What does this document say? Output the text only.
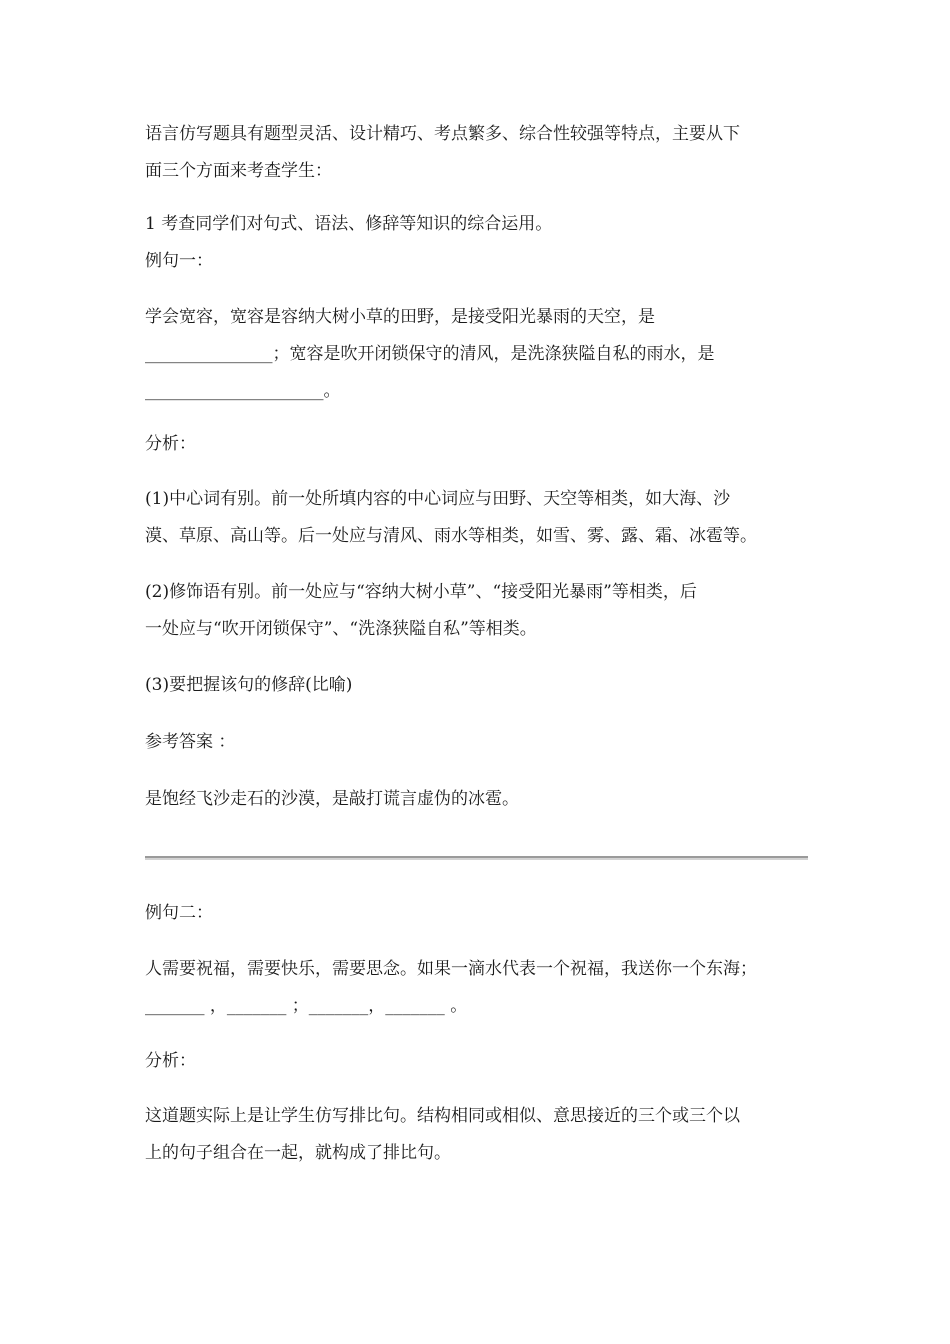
语言仿写题具有题型灵活、设计精巧、考点繁多、综合性较强等特点，主要从下
面三个方面来考查学生：
1 考查同学们对句式、语法、修辞等知识的综合运用。
例句一：
学会宽容，宽容是容纳大树小草的田野，是接受阳光暴雨的天空，是
_______________；宽容是吹开闭锁保守的清风，是洗涤狭隘自私的雨水，是
_____________________。
分析：
(1)中心词有别。前一处所填内容的中心词应与田野、天空等相类，如大海、沙
漠、草原、高山等。后一处应与清风、雨水等相类，如雪、雾、露、霜、冰雹等。
(2)修饰语有别。前一处应与“容纳大树小草”、“接受阳光暴雨”等相类，后
一处应与“吹开闭锁保守”、“洗涤狭隘自私”等相类。
(3)要把握该句的修辞(比喻)
参考答案 ：
是饱经飞沙走石的沙漠，是敲打谎言虚伪的冰雹。
例句二：
人需要祝福，需要快乐，需要思念。如果一滴水代表一个祝福，我送你一个东海；
_______ ，_______ ；_______，_______ 。
分析：
这道题实际上是让学生仿写排比句。结构相同或相似、意思接近的三个或三个以
上的句子组合在一起，就构成了排比句。
